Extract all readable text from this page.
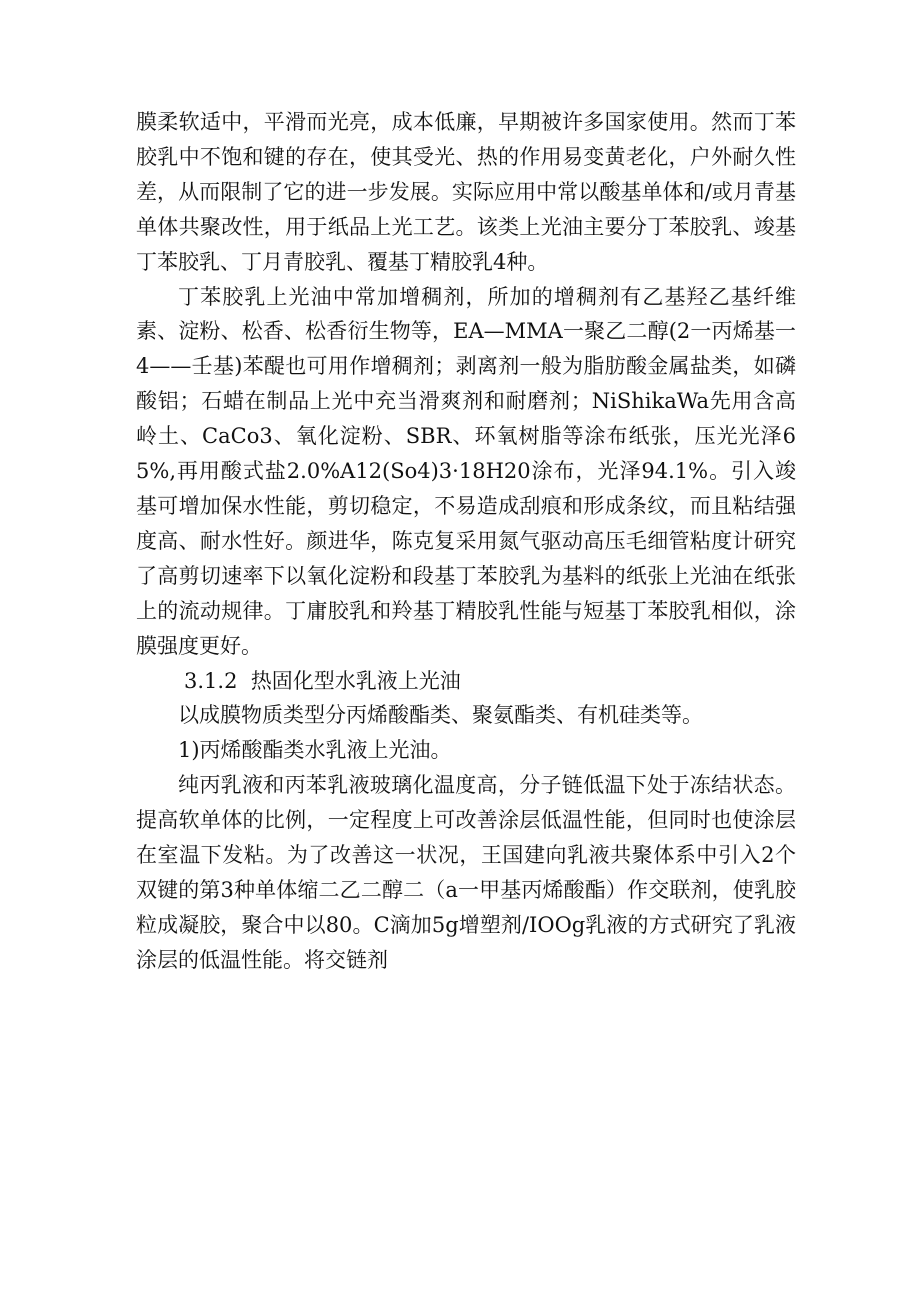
膜柔软适中，平滑而光亮，成本低廉，早期被许多国家使用。然而丁苯胶乳中不饱和键的存在，使其受光、热的作用易变黄老化，户外耐久性差，从而限制了它的进一步发展。实际应用中常以酸基单体和/或月青基单体共聚改性，用于纸品上光工艺。该类上光油主要分丁苯胶乳、竣基丁苯胶乳、丁月青胶乳、覆基丁精胶乳4种。

丁苯胶乳上光油中常加增稠剂，所加的增稠剂有乙基羟乙基纤维素、淀粉、松香、松香衍生物等，EA—MMA一聚乙二醇(2一丙烯基一4——壬基)苯醍也可用作增稠剂；剥离剂一般为脂肪酸金属盐类，如磷酸铝；石蜡在制品上光中充当滑爽剂和耐磨剂；NiShikaWa先用含高岭土、CaCo3、氧化淀粉、SBR、环氧树脂等涂布纸张，压光光泽65%,再用酸式盐2.0%A12(So4)3·18H20涂布，光泽94.1%。引入竣基可增加保水性能，剪切稳定，不易造成刮痕和形成条纹，而且粘结强度高、耐水性好。颜进华，陈克复采用氮气驱动高压毛细管粘度计研究了高剪切速率下以氧化淀粉和段基丁苯胶乳为基料的纸张上光油在纸张上的流动规律。丁庸胶乳和羚基丁精胶乳性能与短基丁苯胶乳相似，涂膜强度更好。

3.1.2  热固化型水乳液上光油

以成膜物质类型分丙烯酸酯类、聚氨酯类、有机硅类等。

1)丙烯酸酯类水乳液上光油。

纯丙乳液和丙苯乳液玻璃化温度高，分子链低温下处于冻结状态。提高软单体的比例，一定程度上可改善涂层低温性能，但同时也使涂层在室温下发粘。为了改善这一状况，王国建向乳液共聚体系中引入2个双键的第3种单体缩二乙二醇二（a一甲基丙烯酸酯）作交联剂，使乳胶粒成凝胶，聚合中以80。C滴加5g增塑剂/IOOg乳液的方式研究了乳液涂层的低温性能。将交链剂
